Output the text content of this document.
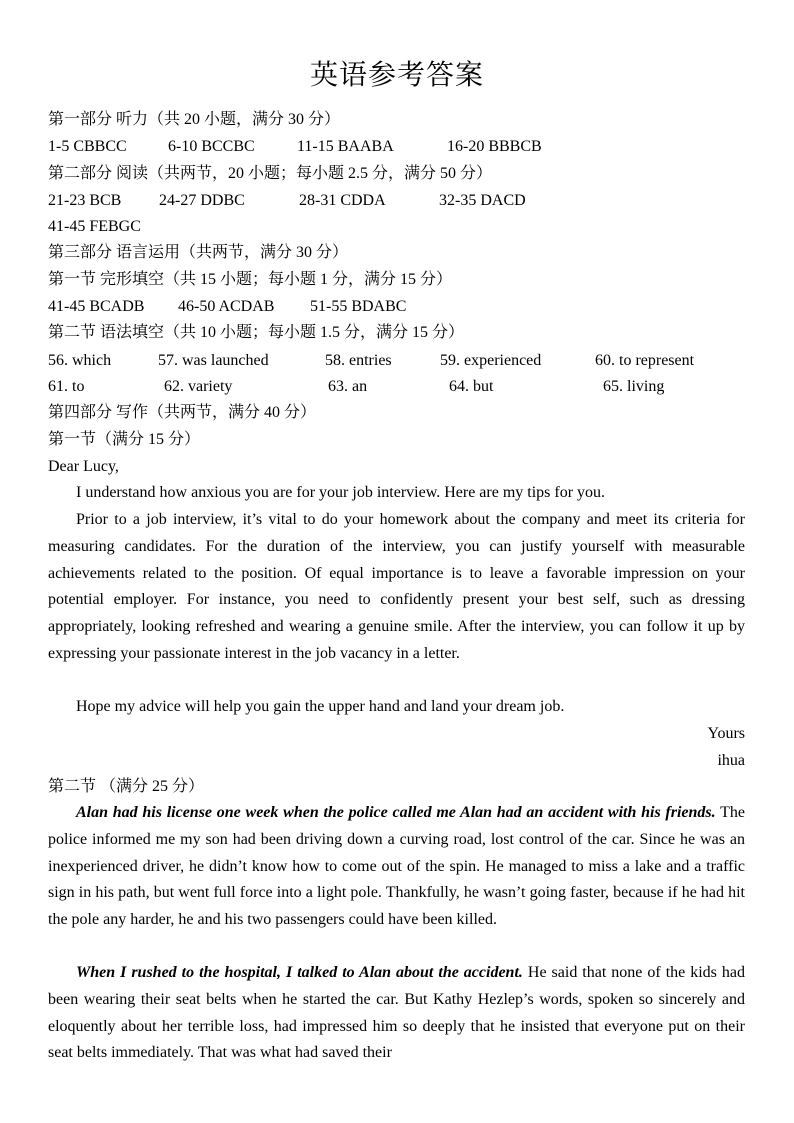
英语参考答案
第一部分 听力（共 20 小题，满分 30 分）
1-5 CBBCC	6-10 BCCBC	11-15 BAABA	16-20 BBBCB
第二部分 阅读（共两节，20 小题；每小题 2.5 分，满分 50 分）
21-23 BCB 24-27 DDBC	28-31 CDDA	32-35 DACD
41-45 FEBGC
第三部分 语言运用（共两节，满分 30 分）
第一节 完形填空（共 15 小题；每小题 1 分，满分 15 分）
41-45 BCADB 46-50 ACDAB 51-55 BDABC
第二节 语法填空（共 10 小题；每小题 1.5 分，满分 15 分）
56. which	57. was launched	58. entries	59. experienced	60. to represent
61. to	62. variety	63. an	64. but	65. living
第四部分 写作（共两节，满分 40 分）
第一节（满分 15 分）
Dear Lucy,
I understand how anxious you are for your job interview. Here are my tips for you.
Prior to a job interview, it’s vital to do your homework about the company and meet its criteria for measuring candidates. For the duration of the interview, you can justify yourself with measurable achievements related to the position. Of equal importance is to leave a favorable impression on your potential employer. For instance, you need to confidently present your best self, such as dressing appropriately, looking refreshed and wearing a genuine smile. After the interview, you can follow it up by expressing your passionate interest in the job vacancy in a letter.
Hope my advice will help you gain the upper hand and land your dream job.
Yours
ihua
第二节 （满分 25 分）
Alan had his license one week when the police called me Alan had an accident with his friends. The police informed me my son had been driving down a curving road, lost control of the car. Since he was an inexperienced driver, he didn’t know how to come out of the spin. He managed to miss a lake and a traffic sign in his path, but went full force into a light pole. Thankfully, he wasn’t going faster, because if he had hit the pole any harder, he and his two passengers could have been killed.
When I rushed to the hospital, I talked to Alan about the accident. He said that none of the kids had been wearing their seat belts when he started the car. But Kathy Hezlep’s words, spoken so sincerely and eloquently about her terrible loss, had impressed him so deeply that he insisted that everyone put on their seat belts immediately. That was what had saved their
